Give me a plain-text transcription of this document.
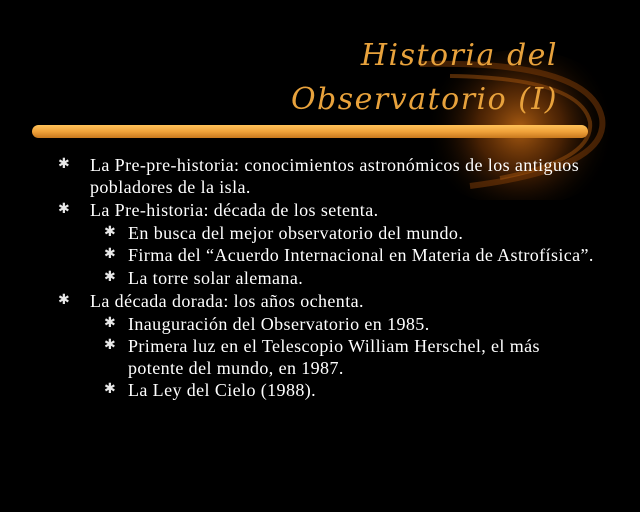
Historia del
Observatorio (I)
✱ La Pre-pre-historia: conocimientos astronómicos de los antiguos pobladores de la isla.
✱ La Pre-historia: década de los setenta.
✱ En busca del mejor observatorio del mundo.
✱ Firma del “Acuerdo Internacional en Materia de Astrofísica”.
✱ La torre solar alemana.
✱ La década dorada: los años ochenta.
✱ Inauguración del Observatorio en 1985.
✱ Primera luz en el Telescopio William Herschel, el más potente del mundo, en 1987.
✱ La Ley del Cielo (1988).
